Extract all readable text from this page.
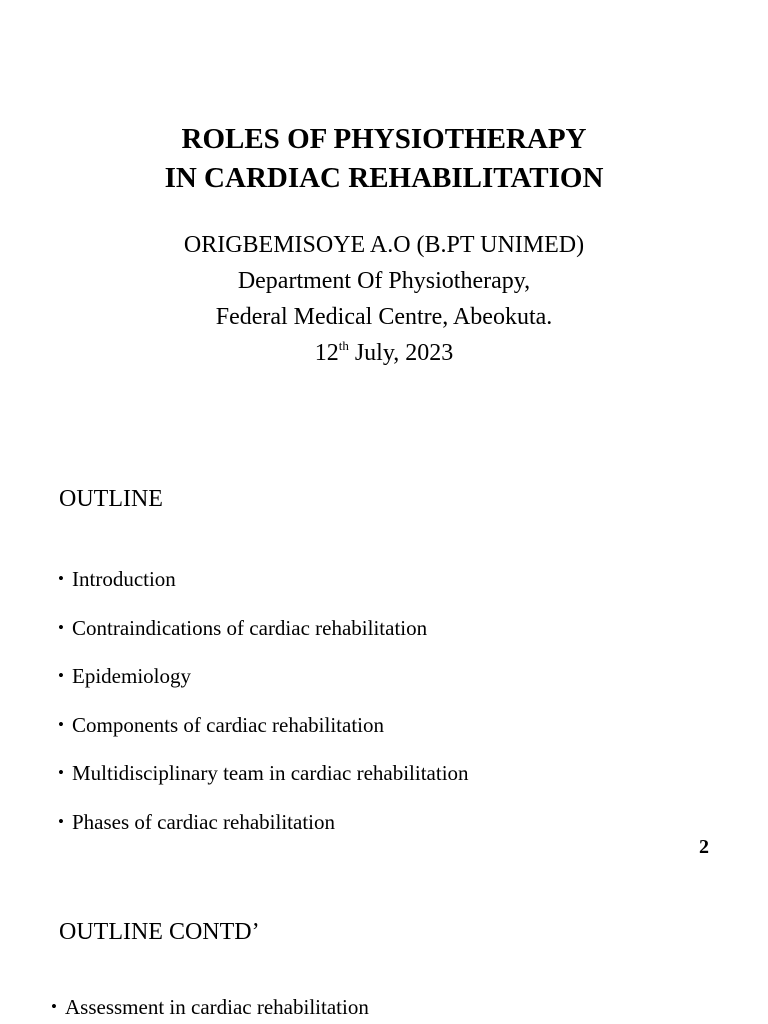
ROLES OF PHYSIOTHERAPY
IN CARDIAC REHABILITATION
ORIGBEMISOYE A.O (B.PT UNIMED)
Department Of Physiotherapy,
Federal Medical Centre, Abeokuta.
12th July, 2023
OUTLINE
• Introduction
• Contraindications of cardiac rehabilitation
• Epidemiology
• Components of cardiac rehabilitation
• Multidisciplinary team in cardiac rehabilitation
• Phases of cardiac rehabilitation
2
OUTLINE CONTD’
• Assessment in cardiac rehabilitation
